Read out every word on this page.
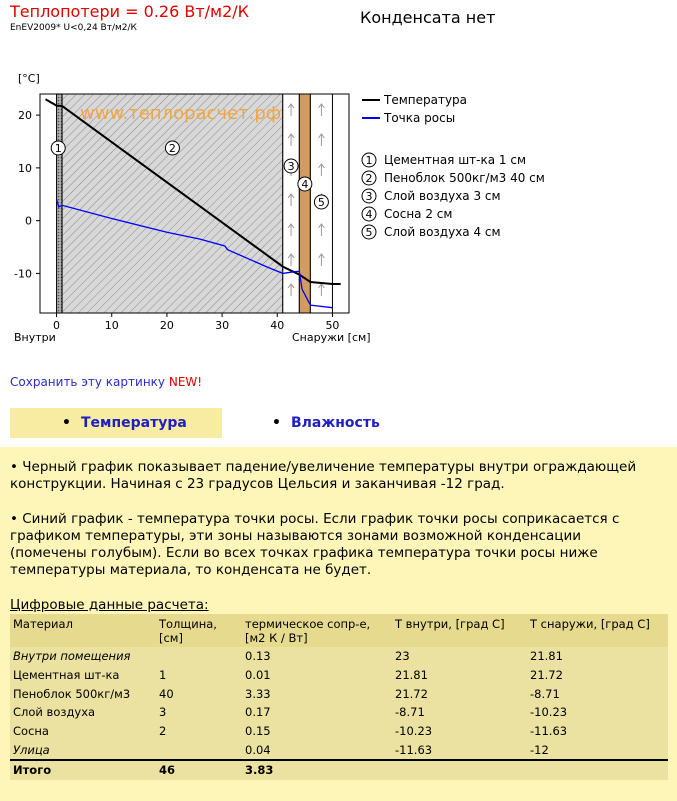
Теплопотери = 0.26 Вт/м2/К
EnEV2009* U<0,24 Вт/м2/К
Конденсата нет
1	2
3
4
5
www.теплорасчет.рф
0	10	20	30	40	50
-10
0
10
20
[°C]
Внутри	Снаружи [см]
Температура
Точка росы
1 Цементная шт-ка 1 см
2 Пеноблок 500кг/м3 40 см
3 Слой воздуха 3 см
4 Сосна 2 см
5 Слой воздуха 4 см
Сохранить эту картинку NEW!
• Температура	• Влажность
• Черный график показывает падение/увеличение температуры внутри ограждающей конструкции. Начиная с 23 градусов Цельсия и заканчивая -12 град.
• Синий график - температура точки росы. Если график точки росы соприкасается с графиком температуры, эти зоны называются зонами возможной конденсации (помечены голубым). Если во всех точках графика температура точки росы ниже температуры материала, то конденсата не будет.
Цифровые данные расчета:
Материал	Толщина, [см]	термическое сопр-е, [м2 К / Вт]	T внутри, [град С]	T снаружи, [град С]
Внутри помещения		0.13	23	21.81
Цементная шт-ка	1	0.01	21.81	21.72
Пеноблок 500кг/м3	40	3.33	21.72	-8.71
Слой воздуха	3	0.17	-8.71	-10.23
Сосна	2	0.15	-10.23	-11.63
Улица		0.04	-11.63	-12
Итого	46	3.83		
